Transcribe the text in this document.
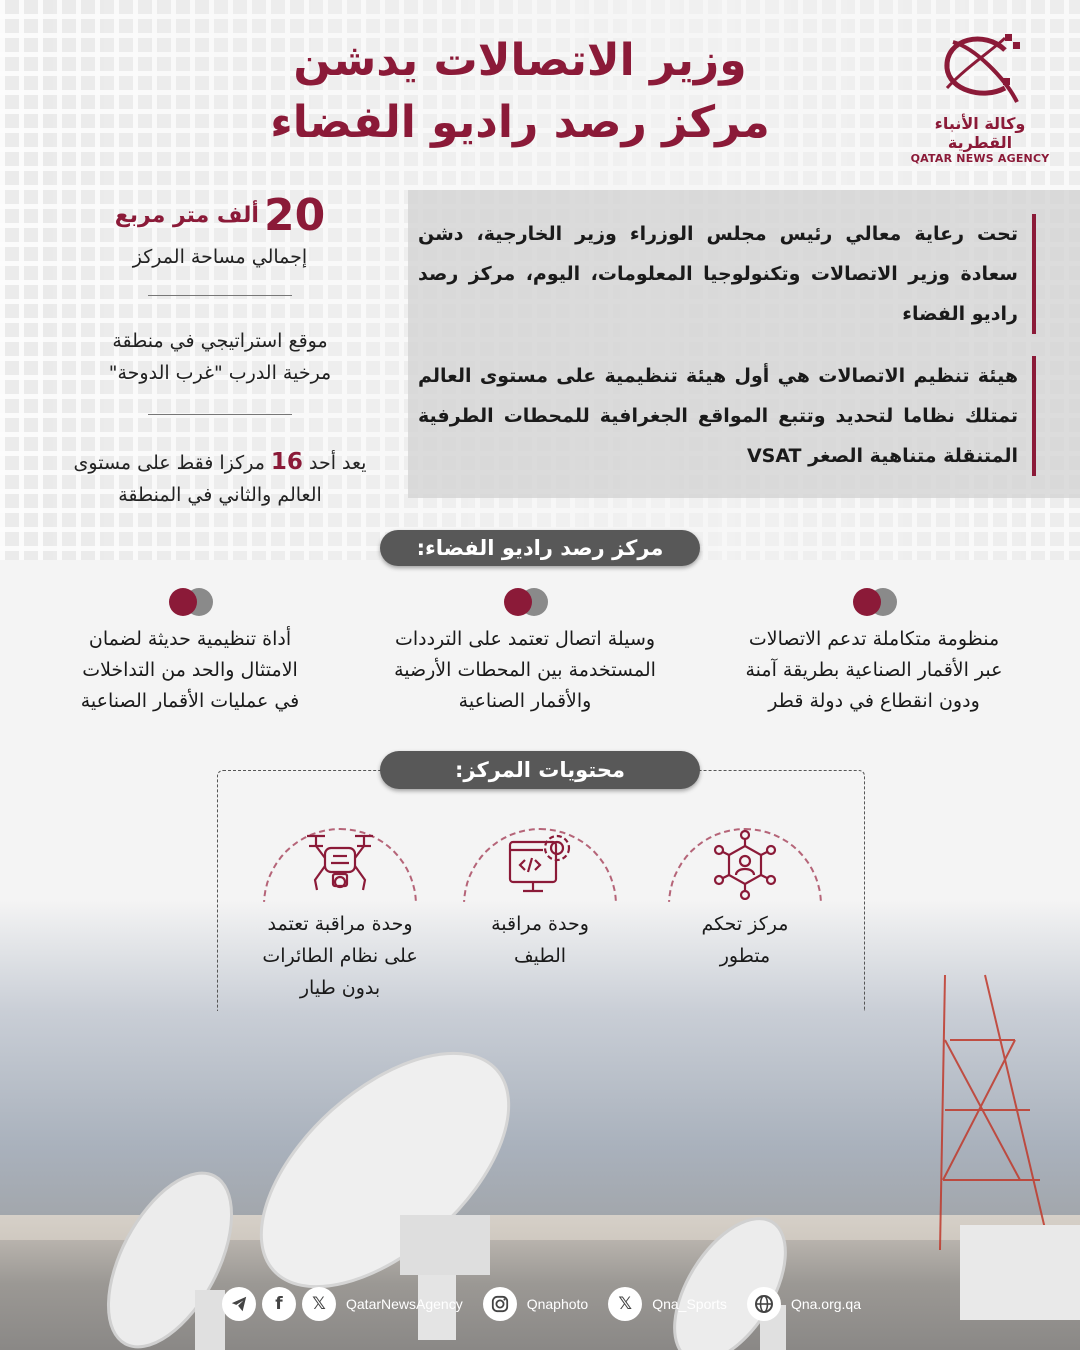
وزير الاتصالات يدشن
مركز رصد راديو الفضاء	وكالة الأنباء القطرية
QATAR NEWS AGENCY
تحت رعاية معالي رئيس مجلس الوزراء وزير الخارجية، دشن سعادة وزير الاتصالات وتكنولوجيا المعلومات، اليوم، مركز رصد راديو الفضاء
هيئة تنظيم الاتصالات هي أول هيئة تنظيمية على مستوى العالم تمتلك نظاما لتحديد وتتبع المواقع الجغرافية للمحطات الطرفية المتنقلة متناهية الصغر VSAT
20 ألف متر مربع
إجمالي مساحة المركز
موقع استراتيجي في منطقة
مرخية الدرب "غرب الدوحة"
يعد أحد 16 مركزا فقط على مستوى
العالم والثاني في المنطقة
مركز رصد راديو الفضاء:
منظومة متكاملة تدعم الاتصالات
عبر الأقمار الصناعية بطريقة آمنة
ودون انقطاع في دولة قطر
وسيلة اتصال تعتمد على الترددات
المستخدمة بين المحطات الأرضية
والأقمار الصناعية
أداة تنظيمية حديثة لضمان
الامتثال والحد من التداخلات
في عمليات الأقمار الصناعية
محتويات المركز:
مركز تحكم
متطور
وحدة مراقبة
الطيف
وحدة مراقبة تعتمد
على نظام الطائرات
بدون طيار
f	𝕏	QatarNewsAgency	Qnaphoto	𝕏	Qna_Sports	Qna.org.qa
